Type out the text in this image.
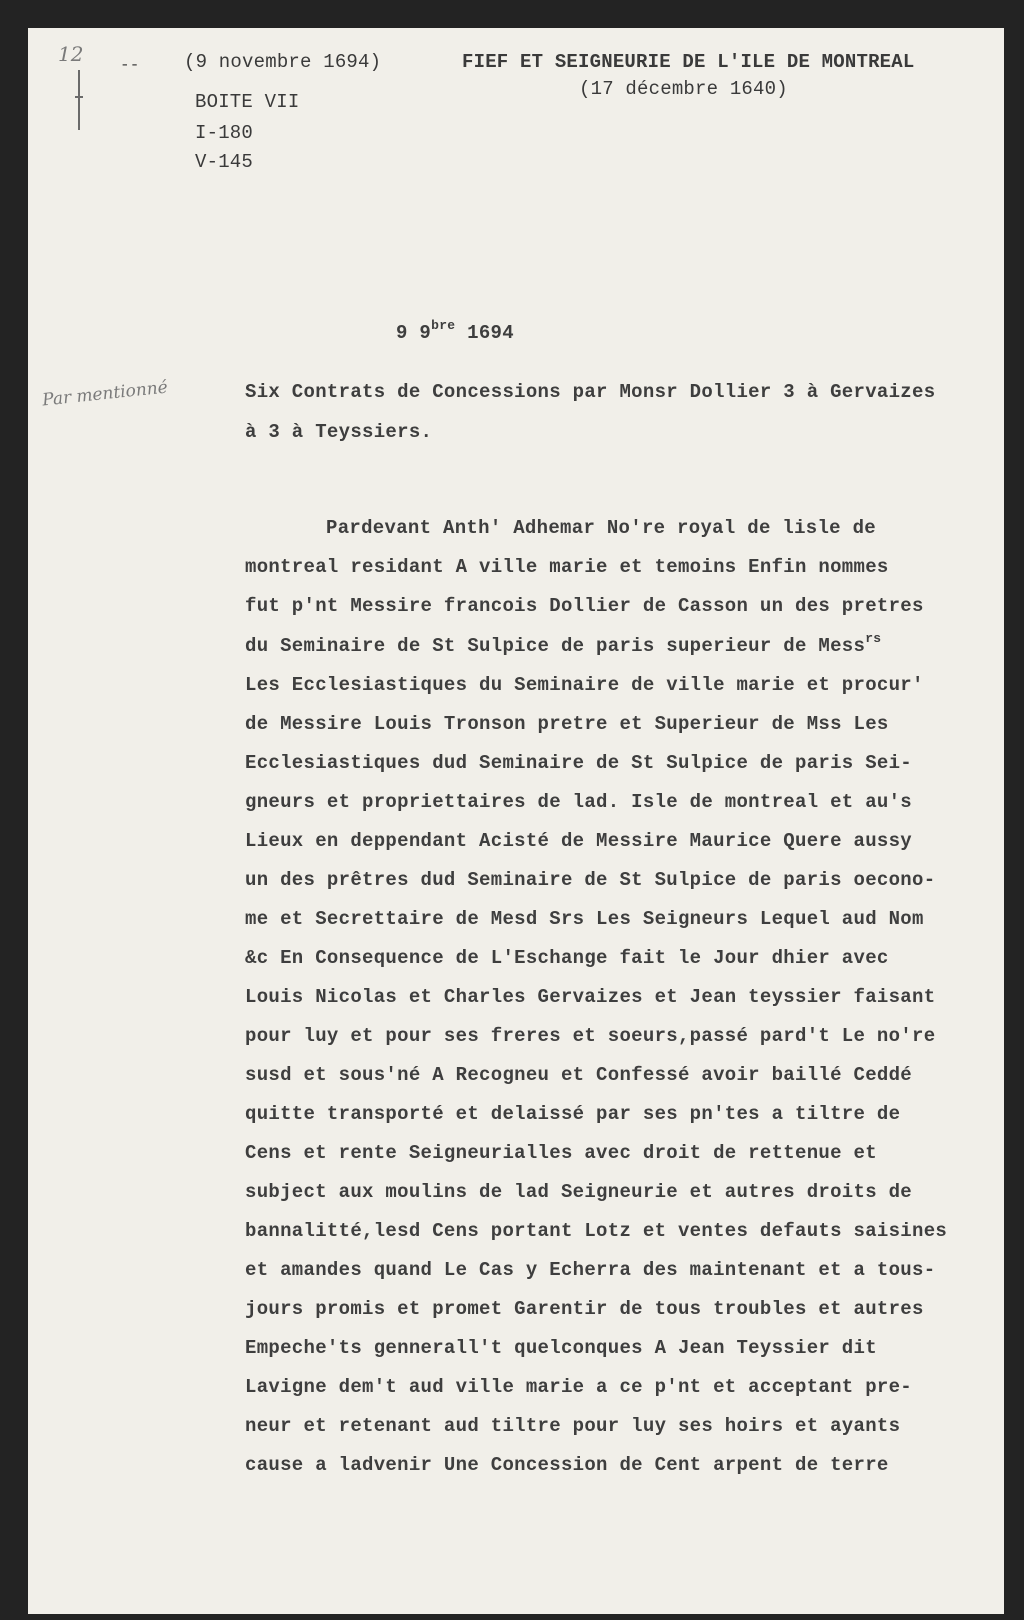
12 --
Par mentionné
(9 novembre 1694)
BOITE VII
I-180
V-145
FIEF ET SEIGNEURIE DE L'ILE DE MONTREAL
(17 décembre 1640)
9 $9^{bre}$ 1694
Six Contrats de Concessions par Monsr Dollier 3 à Gervaizes
à 3 à Teyssiers.
Pardevant Anth' Adhemar No're royal de lisle de
montreal residant A ville marie et temoins Enfin nommes
fut p'nt Messire francois Dollier de Casson un des pretres
du Seminaire de St Sulpice de paris superieur de Mess$^{rs}$
Les Ecclesiastiques du Seminaire de ville marie et procur'
de Messire Louis Tronson pretre et Superieur de Mss Les
Ecclesiastiques dud Seminaire de St Sulpice de paris Sei-
gneurs et propriettaires de lad. Isle de montreal et au's
Lieux en deppendant Acisté de Messire Maurice Quere aussy
un des prêtres dud Seminaire de St Sulpice de paris oecono-
me et Secrettaire de Mesd Srs Les Seigneurs Lequel aud Nom
&c En Consequence de L'Eschange fait le Jour dhier avec
Louis Nicolas et Charles Gervaizes et Jean teyssier faisant
pour luy et pour ses freres et soeurs,passé pard't Le no're
susd et sous'né A Recogneu et Confessé avoir baillé Ceddé
quitte transporté et delaissé par ses pn'tes a tiltre de
Cens et rente Seigneurialles avec droit de rettenue et
subject aux moulins de lad Seigneurie et autres droits de
bannalitté,lesd Cens portant Lotz et ventes defauts saisines
et amandes quand Le Cas y Echerra des maintenant et a tous-
jours promis et promet Garentir de tous troubles et autres
Empeche'ts gennerall't quelconques A Jean Teyssier dit
Lavigne dem't aud ville marie a ce p'nt et acceptant pre-
neur et retenant aud tiltre pour luy ses hoirs et ayants
cause a ladvenir Une Concession de Cent arpent de terre
